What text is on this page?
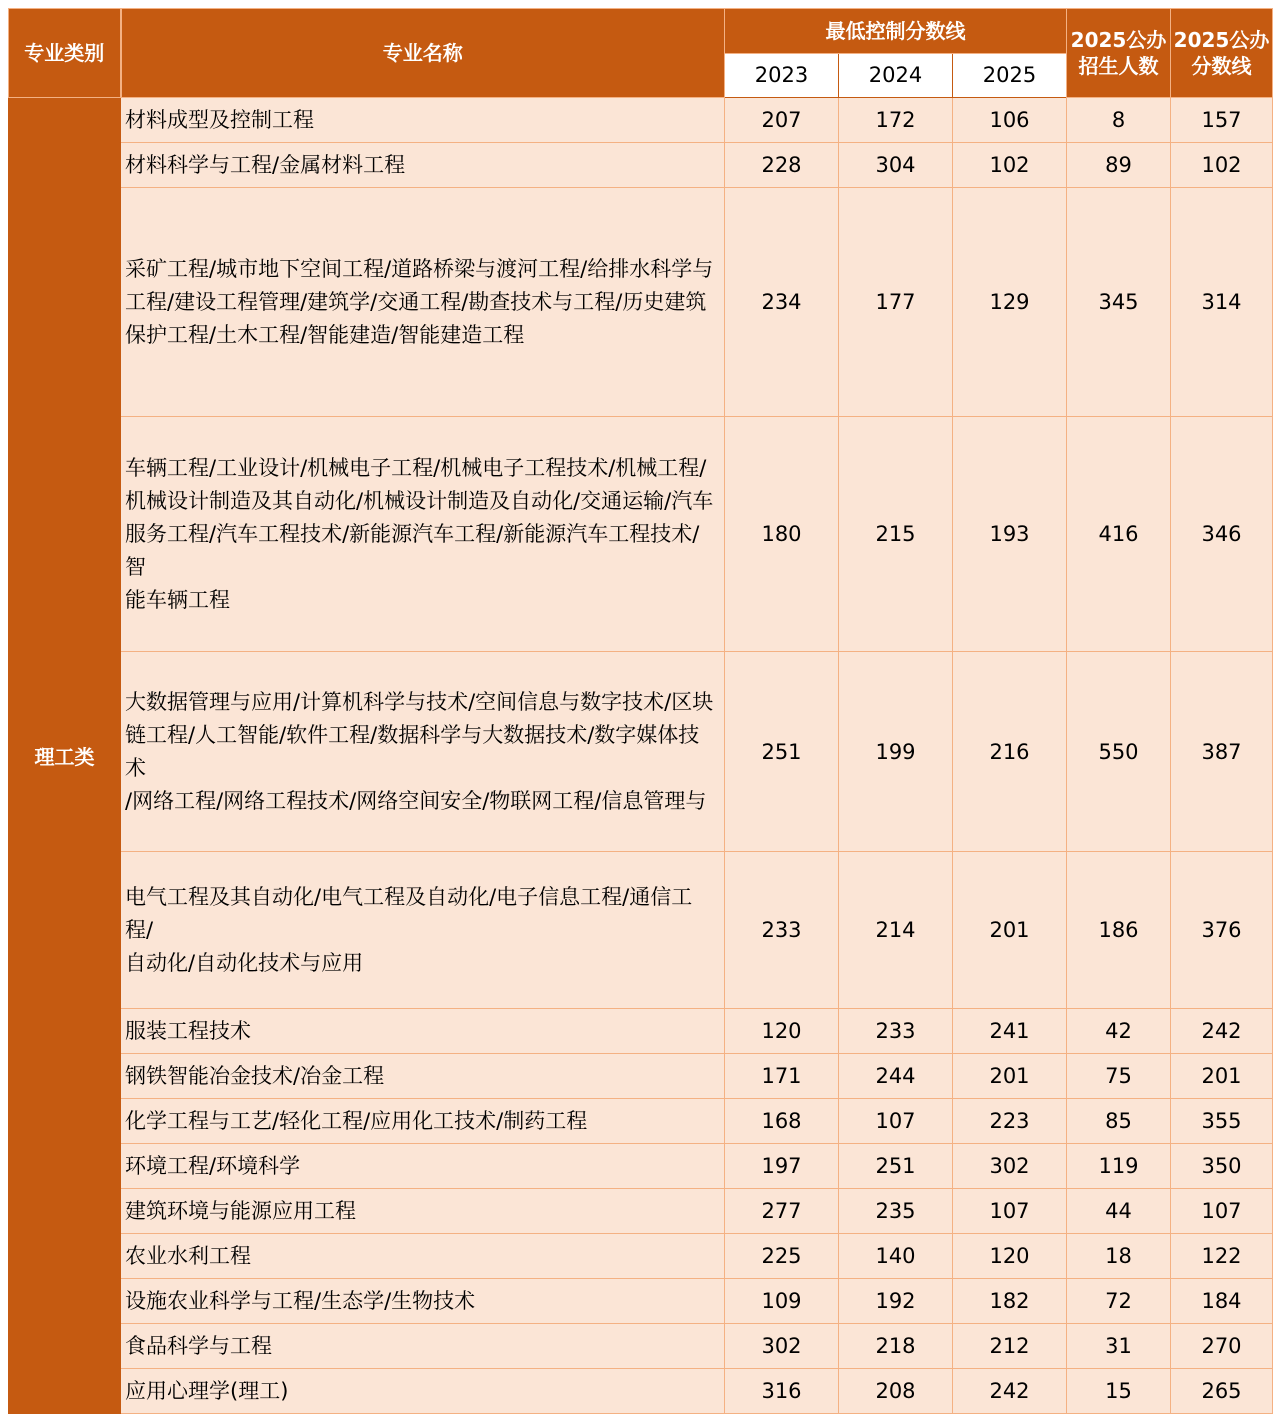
专业类别	专业名称	最低控制分数线			2025公办招生人数	2025公办分数线
		2023	2024	2025		
理工类	材料成型及控制工程	207	172	106	8	157

	材料科学与工程/金属材料工程	228	304	102	89	102

	采矿工程/城市地下空间工程/道路桥梁与渡河工程/给排水科学与
工程/建设工程管理/建筑学/交通工程/勘查技术与工程/历史建筑
保护工程/土木工程/智能建造/智能建造工程	234	177	129	345	314

	车辆工程/工业设计/机械电子工程/机械电子工程技术/机械工程/
机械设计制造及其自动化/机械设计制造及自动化/交通运输/汽车
服务工程/汽车工程技术/新能源汽车工程/新能源汽车工程技术/智
能车辆工程	180	215	193	416	346

	大数据管理与应用/计算机科学与技术/空间信息与数字技术/区块
链工程/人工智能/软件工程/数据科学与大数据技术/数字媒体技术
/网络工程/网络工程技术/网络空间安全/物联网工程/信息管理与	251	199	216	550	387

	电气工程及其自动化/电气工程及自动化/电子信息工程/通信工程/
自动化/自动化技术与应用	233	214	201	186	376

	服装工程技术	120	233	241	42	242

	钢铁智能冶金技术/冶金工程	171	244	201	75	201

	化学工程与工艺/轻化工程/应用化工技术/制药工程	168	107	223	85	355

	环境工程/环境科学	197	251	302	119	350

	建筑环境与能源应用工程	277	235	107	44	107

	农业水利工程	225	140	120	18	122

	设施农业科学与工程/生态学/生物技术	109	192	182	72	184

	食品科学与工程	302	218	212	31	270

	应用心理学(理工)	316	208	242	15	265
